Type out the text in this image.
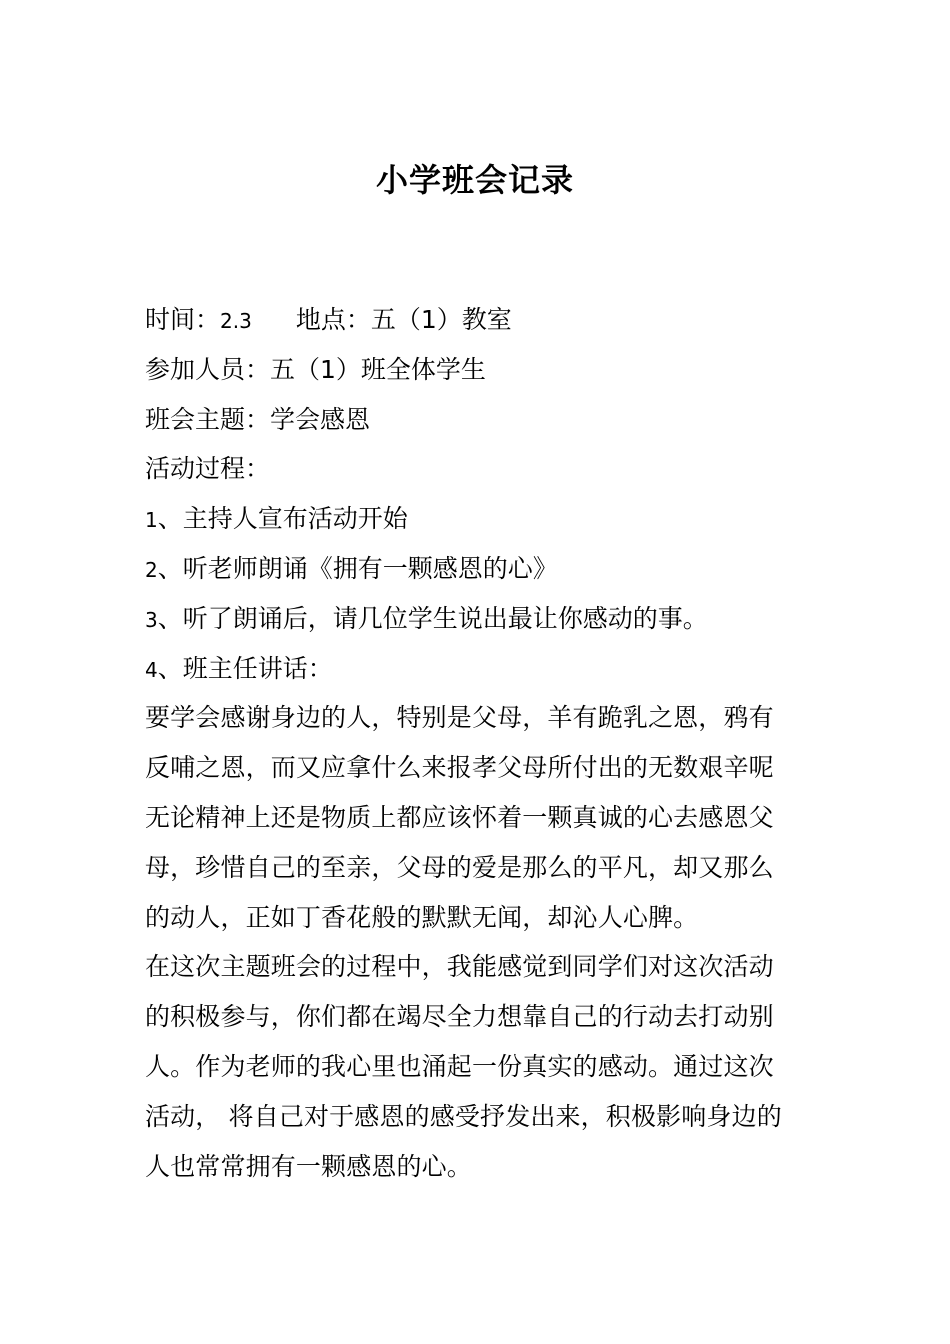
小学班会记录
时间：2.3 地点：五（1）教室
参加人员：五（1）班全体学生
班会主题：学会感恩
活动过程：
1、主持人宣布活动开始
2、听老师朗诵《拥有一颗感恩的心》
3、听了朗诵后，请几位学生说出最让你感动的事。
4、班主任讲话：
要学会感谢身边的人，特别是父母，羊有跪乳之恩，鸦有
反哺之恩，而又应拿什么来报孝父母所付出的无数艰辛呢
无论精神上还是物质上都应该怀着一颗真诚的心去感恩父
母，珍惜自己的至亲，父母的爱是那么的平凡，却又那么
的动人，正如丁香花般的默默无闻，却沁人心脾。
在这次主题班会的过程中，我能感觉到同学们对这次活动
的积极参与，你们都在竭尽全力想靠自己的行动去打动别
人。作为老师的我心里也涌起一份真实的感动。通过这次
活动， 将自己对于感恩的感受抒发出来，积极影响身边的
人也常常拥有一颗感恩的心。
